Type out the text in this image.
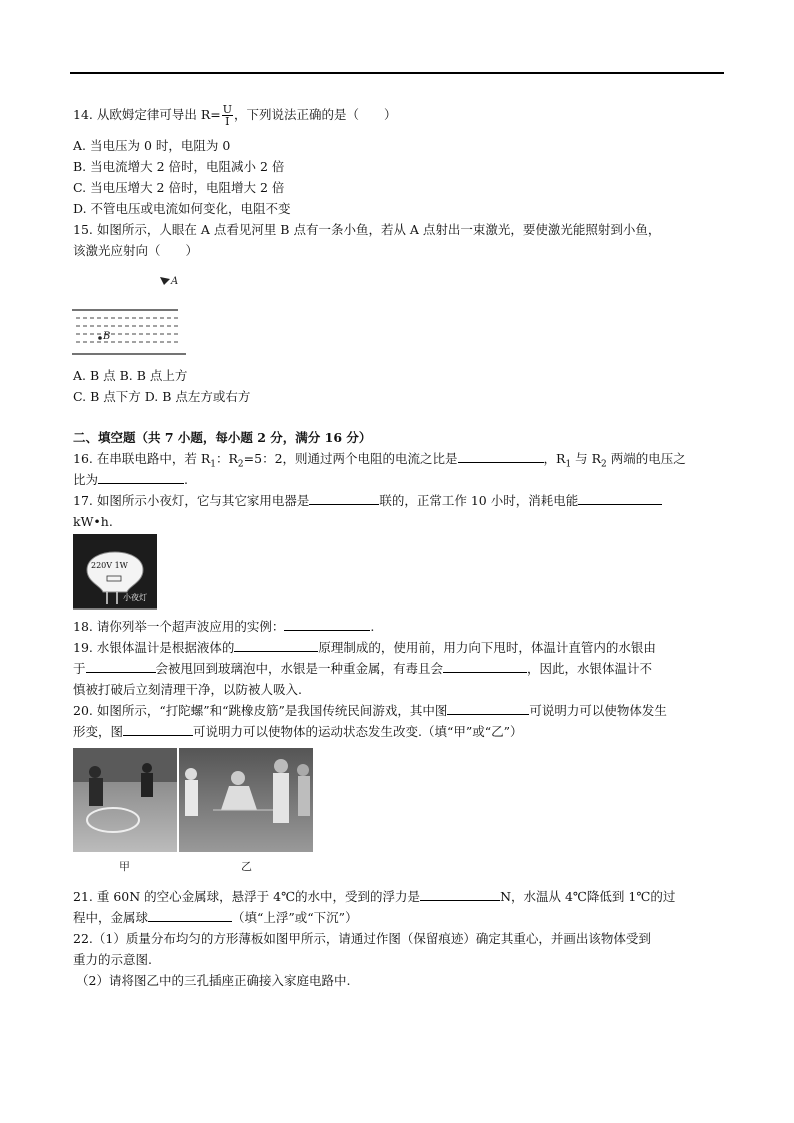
14. 从欧姆定律可导出 $R= \frac{U}{I}$ ，下列说法正确的是（　　）
A. 当电压为 0 时，电阻为 0
B. 当电流增大 2 倍时，电阻减小 2 倍
C. 当电压增大 2 倍时，电阻增大 2 倍
D. 不管电压或电流如何变化，电阻不变
15. 如图所示，人眼在 A 点看见河里 B 点有一条小鱼，若从 A 点射出一束激光，要使激光能照射到小鱼，
该激光应射向（　　）
A
B
A. B 点 B. B 点上方
C. B 点下方 D. B 点左方或右方
二、填空题（共 7 小题，每小题 2 分，满分 16 分）
16. 在串联电路中，若 $R_1$：$R_2=5$：2，则通过两个电阻的电流之比是	，$R_1$ 与 $R_2$ 两端的电压之
比为	.
17. 如图所示小夜灯，它与其它家用电器是	联的，正常工作 10 小时，消耗电能
kW•h.
220V 1W
小夜灯
18. 请你列举一个超声波应用的实例：	.
19. 水银体温计是根据液体的	原理制成的，使用前，用力向下甩时，体温计直管内的水银由
于	会被甩回到玻璃泡中，水银是一种重金属，有毒且会	，因此，水银体温计不
慎被打破后立刻清理干净，以防被人吸入.
20. 如图所示，“打陀螺”和“跳橡皮筋”是我国传统民间游戏，其中图	可说明力可以使物体发生
形变，图	可说明力可以使物体的运动状态发生改变.（填“甲”或“乙”）
甲	乙
21. 重 60N 的空心金属球，悬浮于 4℃的水中，受到的浮力是	N，水温从 4℃降低到 1℃的过
程中，金属球	（填“上浮”或“下沉”）
22.（1）质量分布均匀的方形薄板如图甲所示，请通过作图（保留痕迹）确定其重心，并画出该物体受到
重力的示意图.
（2）请将图乙中的三孔插座正确接入家庭电路中.
